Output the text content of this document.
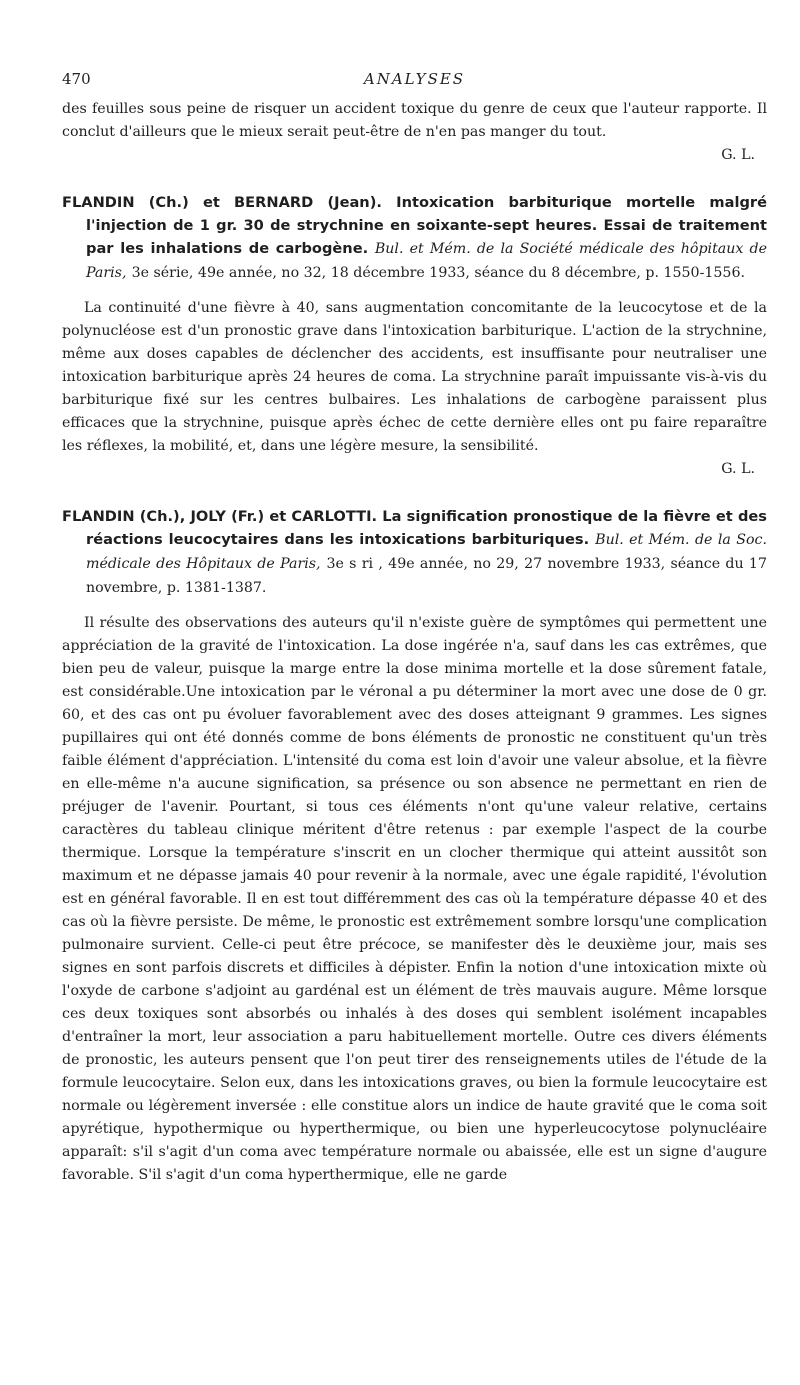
470	ANALYSES

des feuilles sous peine de risquer un accident toxique du genre de ceux que l'auteur rapporte. Il conclut d'ailleurs que le mieux serait peut-être de n'en pas manger du tout.

G. L.

FLANDIN (Ch.) et BERNARD (Jean). Intoxication barbiturique mortelle malgré l'injection de 1 gr. 30 de strychnine en soixante-sept heures. Essai de traitement par les inhalations de carbogène. Bul. et Mém. de la Société médicale des hôpitaux de Paris, 3e série, 49e année, no 32, 18 décembre 1933, séance du 8 décembre, p. 1550-1556.

La continuité d'une fièvre à 40, sans augmentation concomitante de la leucocytose et de la polynucléose est d'un pronostic grave dans l'intoxication barbiturique. L'action de la strychnine, même aux doses capables de déclencher des accidents, est insuffisante pour neutraliser une intoxication barbiturique après 24 heures de coma. La strychnine paraît impuissante vis-à-vis du barbiturique fixé sur les centres bulbaires. Les inhalations de carbogène paraissent plus efficaces que la strychnine, puisque après échec de cette dernière elles ont pu faire reparaître les réflexes, la mobilité, et, dans une légère mesure, la sensibilité.

G. L.

FLANDIN (Ch.), JOLY (Fr.) et CARLOTTI. La signification pronostique de la fièvre et des réactions leucocytaires dans les intoxications barbituriques. Bul. et Mém. de la Soc. médicale des Hôpitaux de Paris, 3e s ri , 49e année, no 29, 27 novembre 1933, séance du 17 novembre, p. 1381-1387.

Il résulte des observations des auteurs qu'il n'existe guère de symptômes qui permettent une appréciation de la gravité de l'intoxication. La dose ingérée n'a, sauf dans les cas extrêmes, que bien peu de valeur, puisque la marge entre la dose minima mortelle et la dose sûrement fatale, est considérable.Une intoxication par le véronal a pu déterminer la mort avec une dose de 0 gr. 60, et des cas ont pu évoluer favorablement avec des doses atteignant 9 grammes. Les signes pupillaires qui ont été donnés comme de bons éléments de pronostic ne constituent qu'un très faible élément d'appréciation. L'intensité du coma est loin d'avoir une valeur absolue, et la fièvre en elle-même n'a aucune signification, sa présence ou son absence ne permettant en rien de préjuger de l'avenir. Pourtant, si tous ces éléments n'ont qu'une valeur relative, certains caractères du tableau clinique méritent d'être retenus : par exemple l'aspect de la courbe thermique. Lorsque la température s'inscrit en un clocher thermique qui atteint aussitôt son maximum et ne dépasse jamais 40 pour revenir à la normale, avec une égale rapidité, l'évolution est en général favorable. Il en est tout différemment des cas où la température dépasse 40 et des cas où la fièvre persiste. De même, le pronostic est extrêmement sombre lorsqu'une complication pulmonaire survient. Celle-ci peut être précoce, se manifester dès le deuxième jour, mais ses signes en sont parfois discrets et difficiles à dépister. Enfin la notion d'une intoxication mixte où l'oxyde de carbone s'adjoint au gardénal est un élément de très mauvais augure. Même lorsque ces deux toxiques sont absorbés ou inhalés à des doses qui semblent isolément incapables d'entraîner la mort, leur association a paru habituellement mortelle. Outre ces divers éléments de pronostic, les auteurs pensent que l'on peut tirer des renseignements utiles de l'étude de la formule leucocytaire. Selon eux, dans les intoxications graves, ou bien la formule leucocytaire est normale ou légèrement inversée : elle constitue alors un indice de haute gravité que le coma soit apyrétique, hypothermique ou hyperthermique, ou bien une hyperleucocytose polynucléaire apparaît: s'il s'agit d'un coma avec température normale ou abaissée, elle est un signe d'augure favorable. S'il s'agit d'un coma hyperthermique, elle ne garde
